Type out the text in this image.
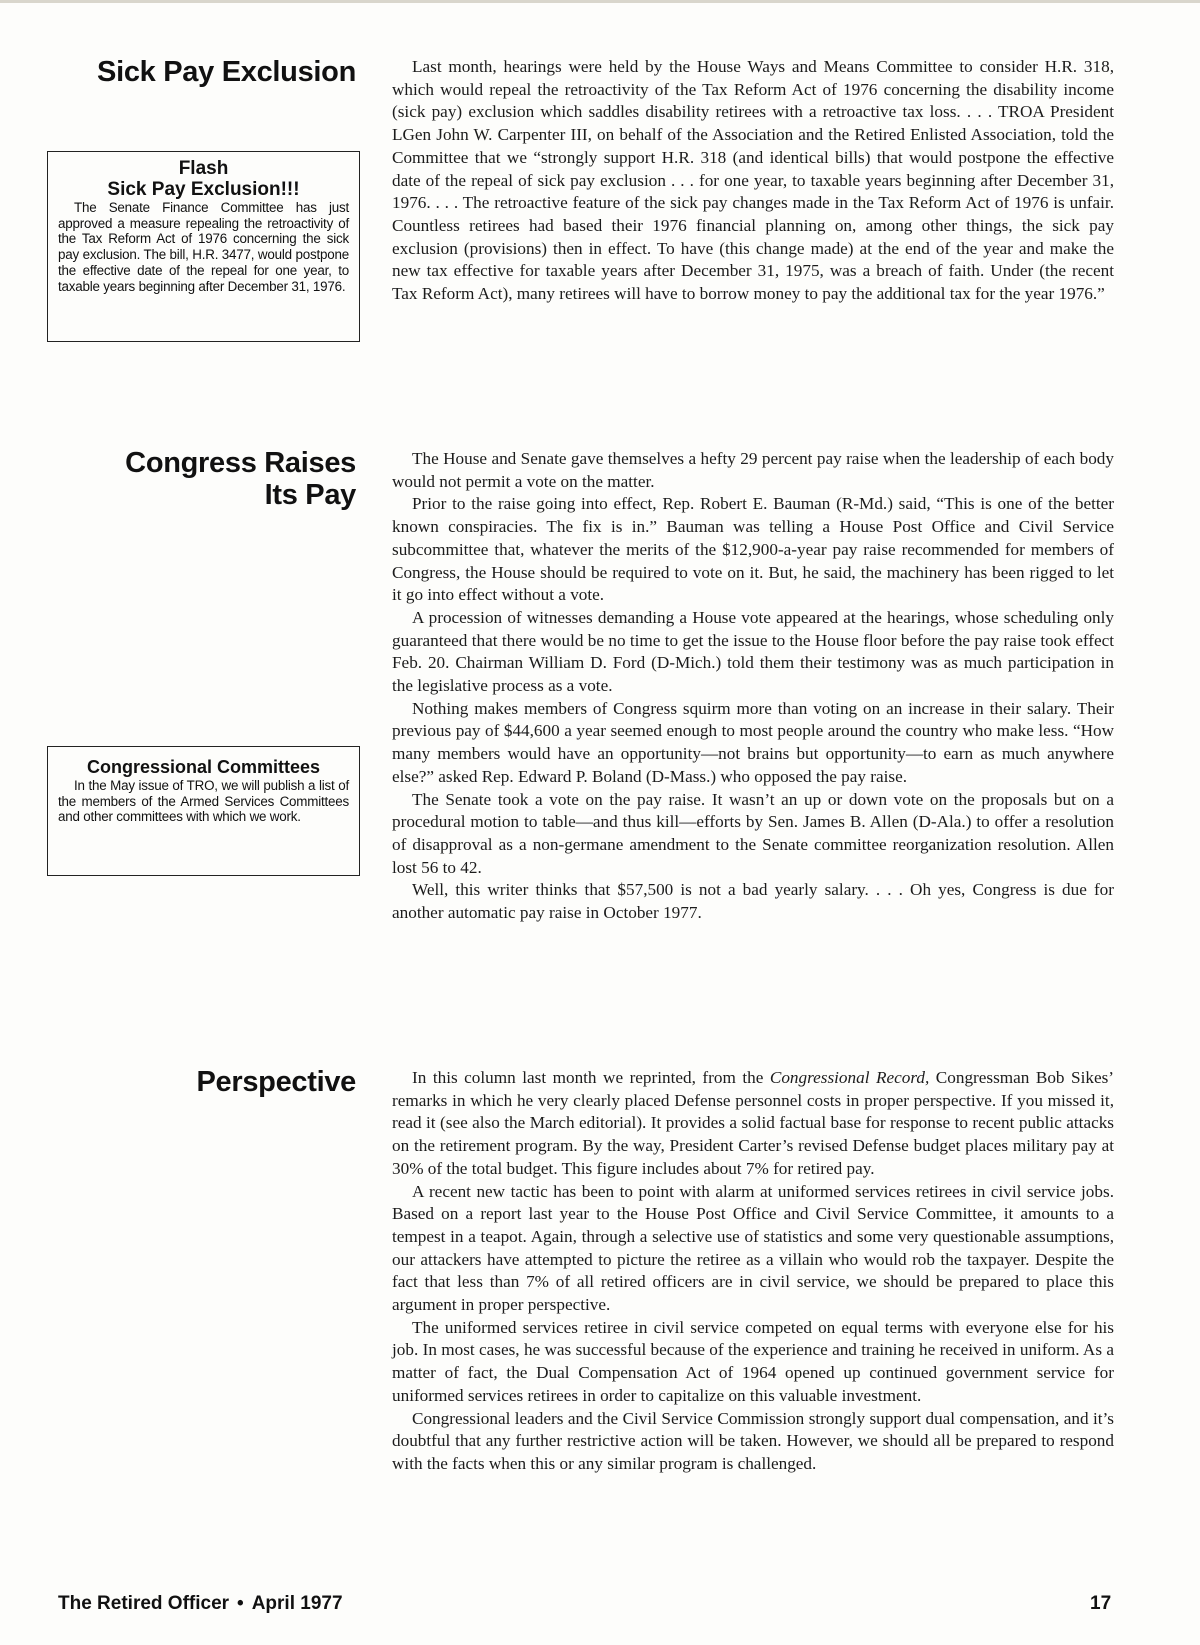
Sick Pay Exclusion	Last month, hearings were held by the House Ways and Means Committee to consider H.R. 318, which would repeal the retroactivity of the Tax Reform Act of 1976 concerning the disability income (sick pay) exclusion which saddles disability retirees with a retroactive tax loss. . . . TROA President LGen John W. Carpenter III, on behalf of the Association and the Retired Enlisted Association, told the Committee that we “strongly support H.R. 318 (and identical bills) that would postpone the effective date of the repeal of sick pay exclusion . . . for one year, to taxable years beginning after December 31, 1976. . . . The retroactive feature of the sick pay changes made in the Tax Reform Act of 1976 is unfair. Countless retirees had based their 1976 financial planning on, among other things, the sick pay exclusion (provisions) then in effect. To have (this change made) at the end of the year and make the new tax effective for taxable years after December 31, 1975, was a breach of faith. Under (the recent Tax Reform Act), many retirees will have to borrow money to pay the additional tax for the year 1976.”

Flash

Sick Pay Exclusion!!!

The Senate Finance Committee has just approved a measure repealing the retroactivity of the Tax Reform Act of 1976 concerning the sick pay exclusion. The bill, H.R. 3477, would postpone the effective date of the repeal for one year, to taxable years beginning after December 31, 1976.

Congress Raises
Its Pay

The House and Senate gave themselves a hefty 29 percent pay raise when the leadership of each body would not permit a vote on the matter.

Prior to the raise going into effect, Rep. Robert E. Bauman (R-Md.) said, “This is one of the better known conspiracies. The fix is in.” Bauman was telling a House Post Office and Civil Service subcommittee that, whatever the merits of the $12,900-a-year pay raise recommended for members of Congress, the House should be required to vote on it. But, he said, the machinery has been rigged to let it go into effect without a vote.

A procession of witnesses demanding a House vote appeared at the hearings, whose scheduling only guaranteed that there would be no time to get the issue to the House floor before the pay raise took effect Feb. 20. Chairman William D. Ford (D-Mich.) told them their testimony was as much participation in the legislative process as a vote.

Nothing makes members of Congress squirm more than voting on an increase in their salary. Their previous pay of $44,600 a year seemed enough to most people around the country who make less. “How many members would have an opportunity—not brains but opportunity—to earn as much anywhere else?” asked Rep. Edward P. Boland (D-Mass.) who opposed the pay raise.

The Senate took a vote on the pay raise. It wasn’t an up or down vote on the proposals but on a procedural motion to table—and thus kill—efforts by Sen. James B. Allen (D-Ala.) to offer a resolution of disapproval as a non-germane amendment to the Senate committee reorganization resolution. Allen lost 56 to 42.

Well, this writer thinks that $57,500 is not a bad yearly salary. . . . Oh yes, Congress is due for another automatic pay raise in October 1977.

Congressional Committees

In the May issue of TRO, we will publish a list of the members of the Armed Services Committees and other committees with which we work.

Perspective	In this column last month we reprinted, from the Congressional Record, Congressman Bob Sikes’ remarks in which he very clearly placed Defense personnel costs in proper perspective. If you missed it, read it (see also the March editorial). It provides a solid factual base for response to recent public attacks on the retirement program. By the way, President Carter’s revised Defense budget places military pay at 30% of the total budget. This figure includes about 7% for retired pay.

A recent new tactic has been to point with alarm at uniformed services retirees in civil service jobs. Based on a report last year to the House Post Office and Civil Service Committee, it amounts to a tempest in a teapot. Again, through a selective use of statistics and some very questionable assumptions, our attackers have attempted to picture the retiree as a villain who would rob the taxpayer. Despite the fact that less than 7% of all retired officers are in civil service, we should be prepared to place this argument in proper perspective.

The uniformed services retiree in civil service competed on equal terms with everyone else for his job. In most cases, he was successful because of the experience and training he received in uniform. As a matter of fact, the Dual Compensation Act of 1964 opened up continued government service for uniformed services retirees in order to capitalize on this valuable investment.

Congressional leaders and the Civil Service Commission strongly support dual compensation, and it’s doubtful that any further restrictive action will be taken. However, we should all be prepared to respond with the facts when this or any similar program is challenged.

The Retired Officer • April 1977	17
